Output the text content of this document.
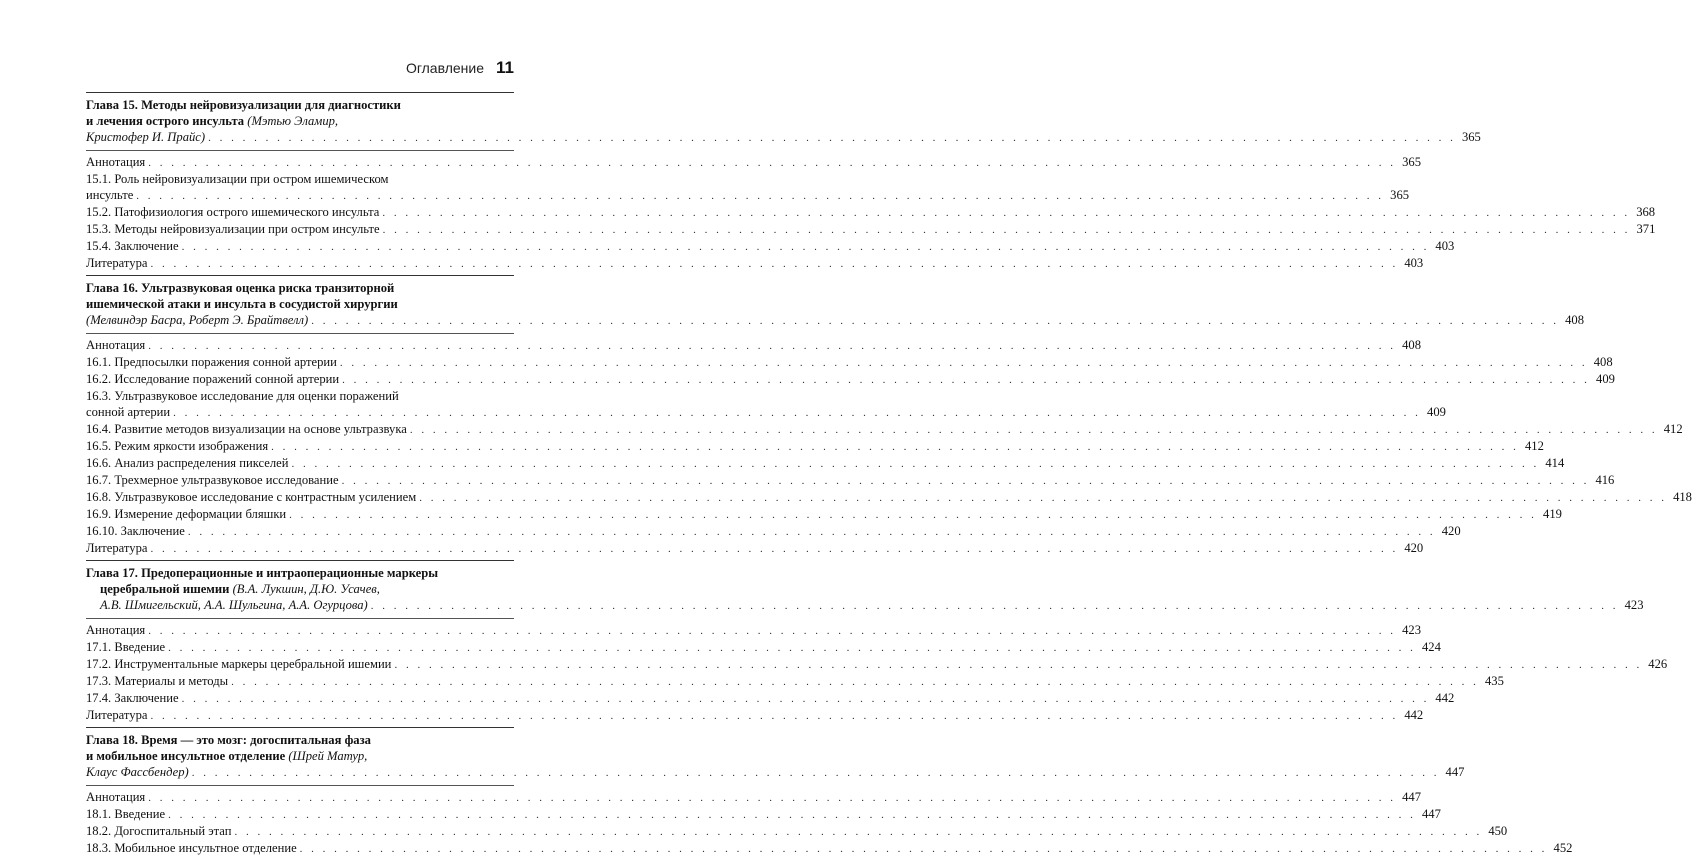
Оглавление 11
Глава 15. Методы нейровизуализации для диагностики
и лечения острого инсульта (Мэтью Эламир,
Кристофер И. Прайс) . . .	365
Аннотация . . .	365
15.1. Роль нейровизуализации при остром ишемическом
инсульте . . .	365
15.2. Патофизиология острого ишемического инсульта . . .	368
15.3. Методы нейровизуализации при остром инсульте . . .	371
15.4. Заключение . . .	403
Литература . . .	403
Глава 16. Ультразвуковая оценка риска транзиторной
ишемической атаки и инсульта в сосудистой хирургии
(Мелвиндэр Басра, Робeрт Э. Брайтвелл) . . .	408
Аннотация . . .	408
16.1. Предпосылки поражения сонной артерии . . .	408
16.2. Исследование поражений сонной артерии . . .	409
16.3. Ультразвуковое исследование для оценки поражений
сонной артерии . . .	409
16.4. Развитие методов визуализации на основе ультразвука . . .	412
16.5. Режим яркости изображения . . .	412
16.6. Анализ распределения пикселей . . .	414
16.7. Трехмерное ультразвуковое исследование . . .	416
16.8. Ультразвуковое исследование с контрастным усилением . . .	418
16.9. Измерение деформации бляшки . . .	419
16.10. Заключение . . .	420
Литература . . .	420
Глава 17. Предоперационные и интраоперационные маркеры
церебральной ишемии (В.А. Лукшин, Д.Ю. Усачев,
А.В. Шмигельский, А.А. Шульгина, А.А. Огурцова) . . .	423
Аннотация . . .	423
17.1. Введение . . .	424
17.2. Инструментальные маркеры церебральной ишемии . . .	426
17.3. Материалы и методы . . .	435
17.4. Заключение . . .	442
Литература . . .	442
Глава 18. Время — это мозг: догоспитальная фаза
и мобильное инсультное отделение (Шрей Матур,
Клаус Фассбендер) . . .	447
Аннотация . . .	447
18.1. Введение . . .	447
18.2. Догоспитальный этап . . .	450
18.3. Мобильное инсультное отделение . . .	452
